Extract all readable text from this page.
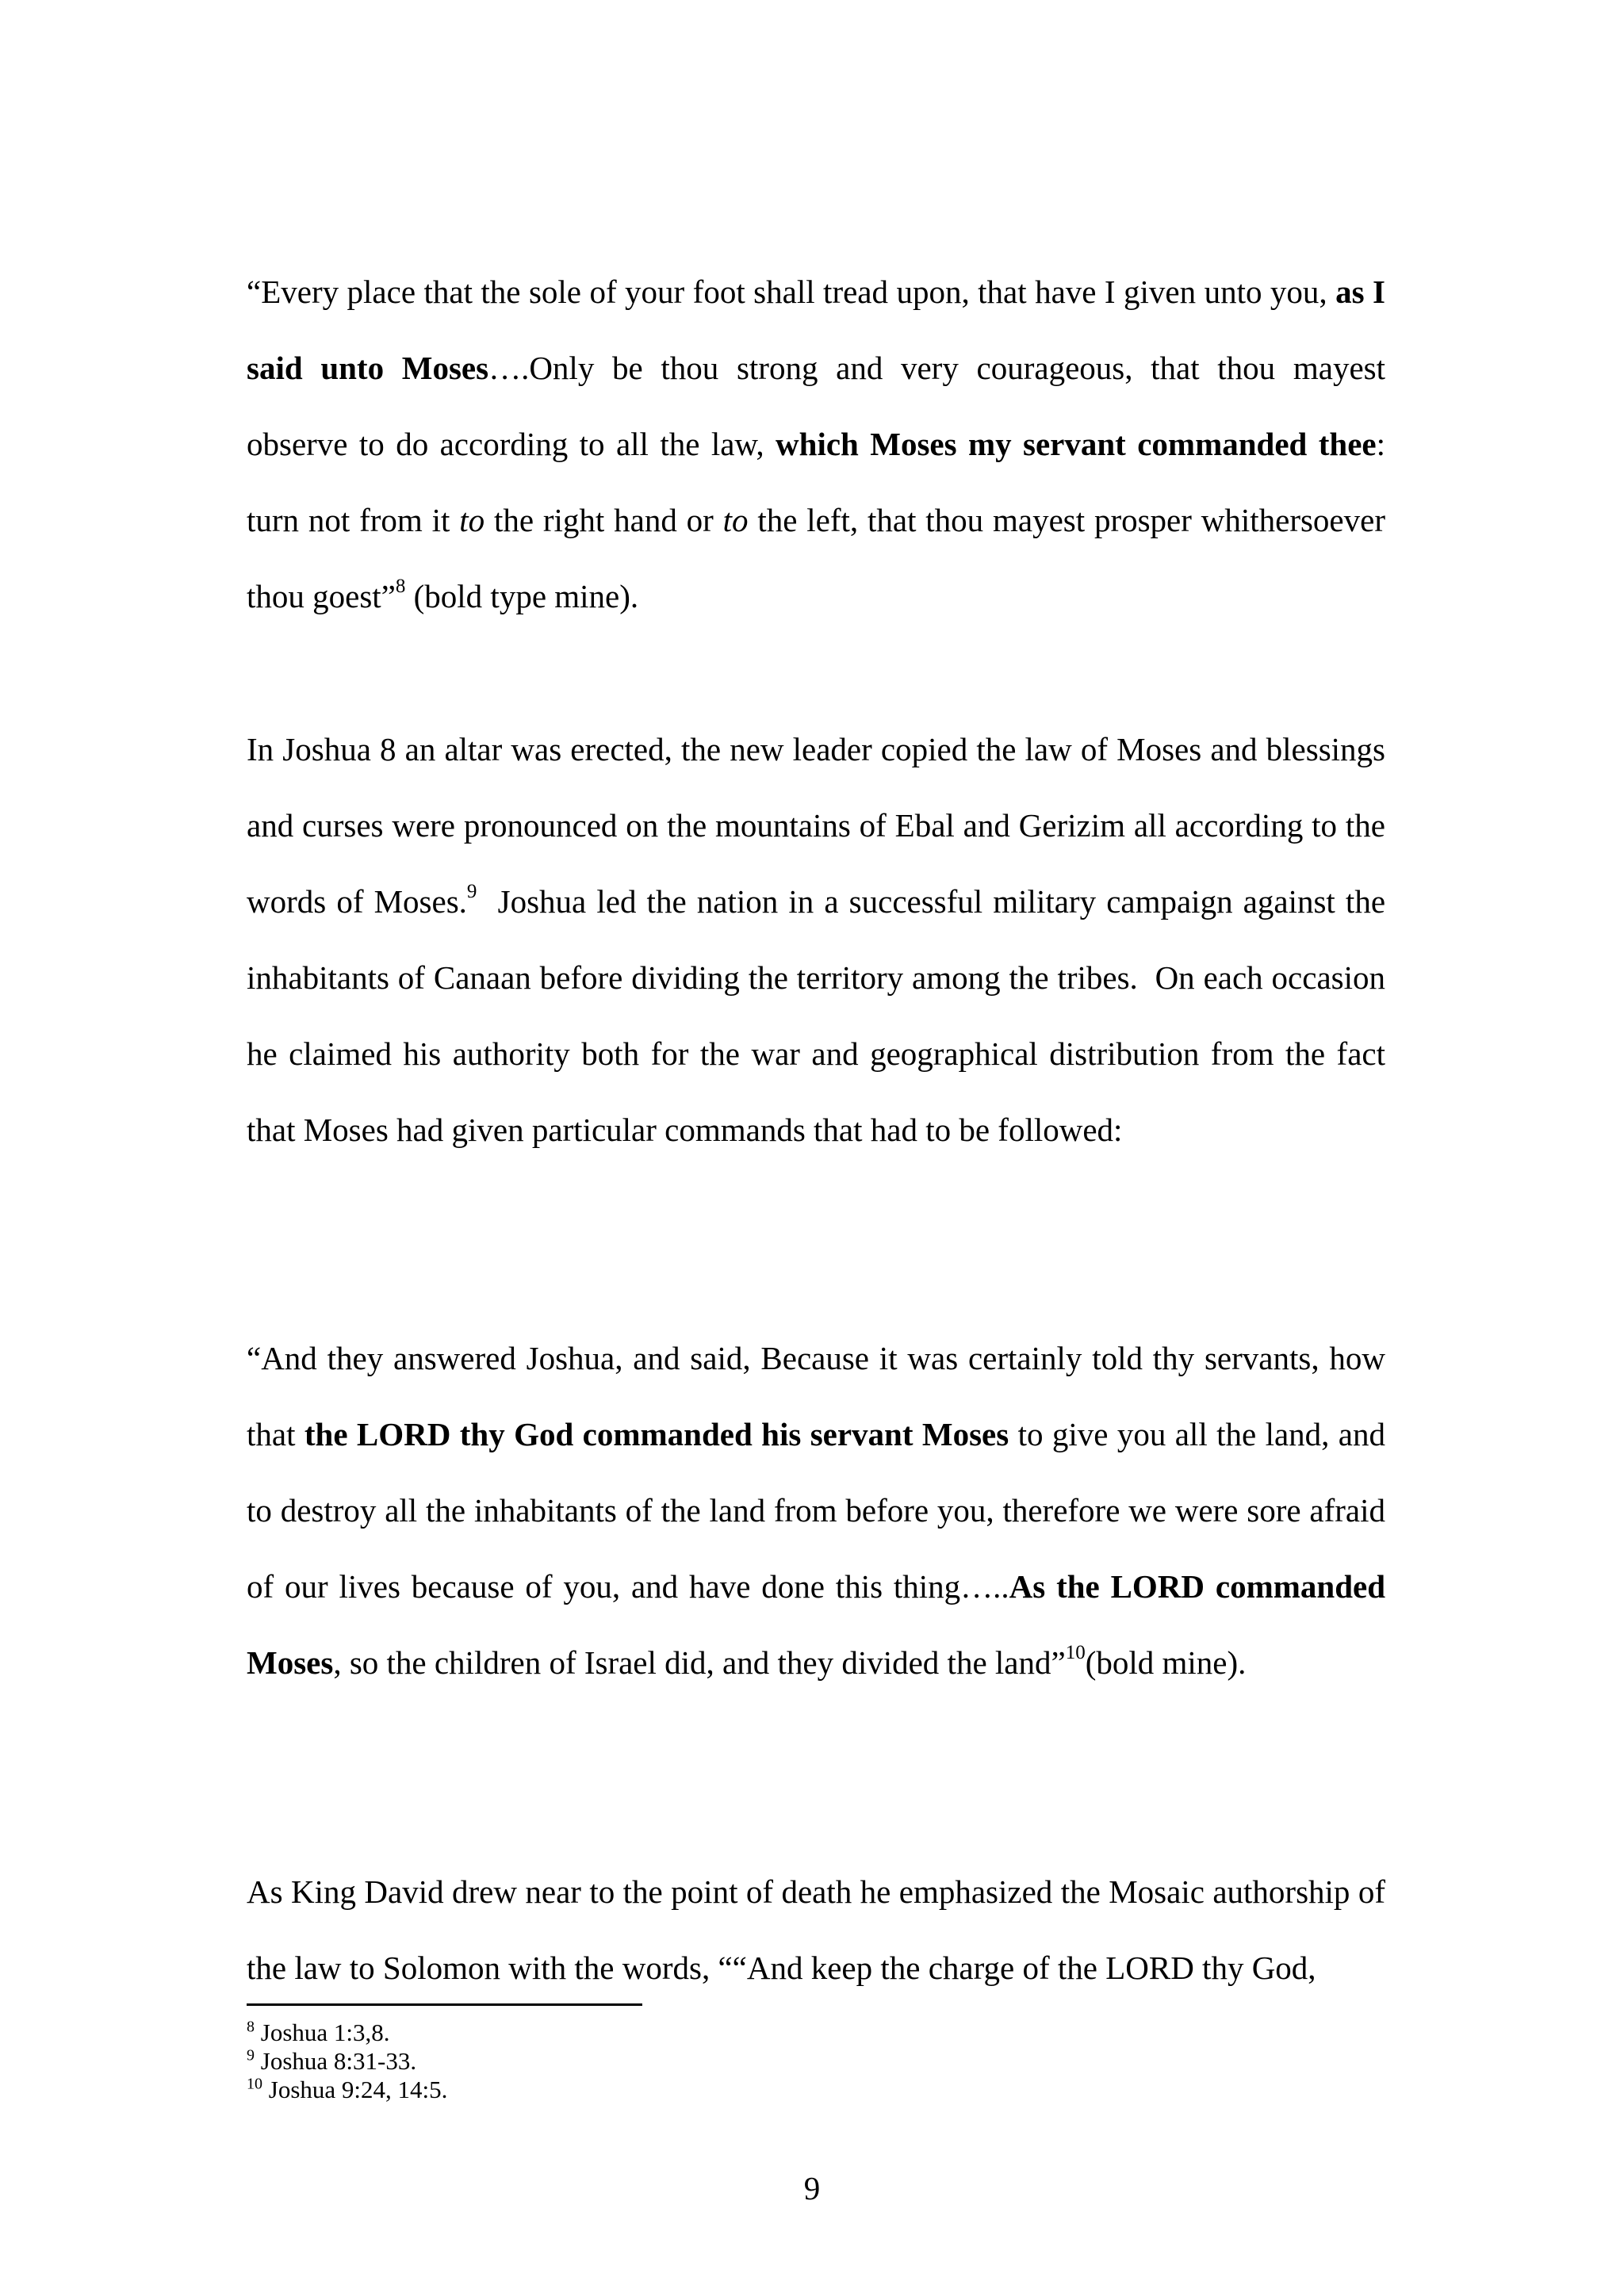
“Every place that the sole of your foot shall tread upon, that have I given unto you, as I said unto Moses….Only be thou strong and very courageous, that thou mayest observe to do according to all the law, which Moses my servant commanded thee: turn not from it to the right hand or to the left, that thou mayest prosper whithersoever thou goest”$^8$ (bold type mine).

In Joshua 8 an altar was erected, the new leader copied the law of Moses and blessings and curses were pronounced on the mountains of Ebal and Gerizim all according to the words of Moses.$^9$  Joshua led the nation in a successful military campaign against the inhabitants of Canaan before dividing the territory among the tribes.  On each occasion he claimed his authority both for the war and geographical distribution from the fact that Moses had given particular commands that had to be followed:

“And they answered Joshua, and said, Because it was certainly told thy servants, how that the LORD thy God commanded his servant Moses to give you all the land, and to destroy all the inhabitants of the land from before you, therefore we were sore afraid of our lives because of you, and have done this thing…..As the LORD commanded Moses, so the children of Israel did, and they divided the land”$^{10}$(bold mine).

As King David drew near to the point of death he emphasized the Mosaic authorship of the law to Solomon with the words, ““And keep the charge of the LORD thy God,

$^8$ Joshua 1:3,8.

$^9$ Joshua 8:31-33.

$^{10}$ Joshua 9:24, 14:5.

9
